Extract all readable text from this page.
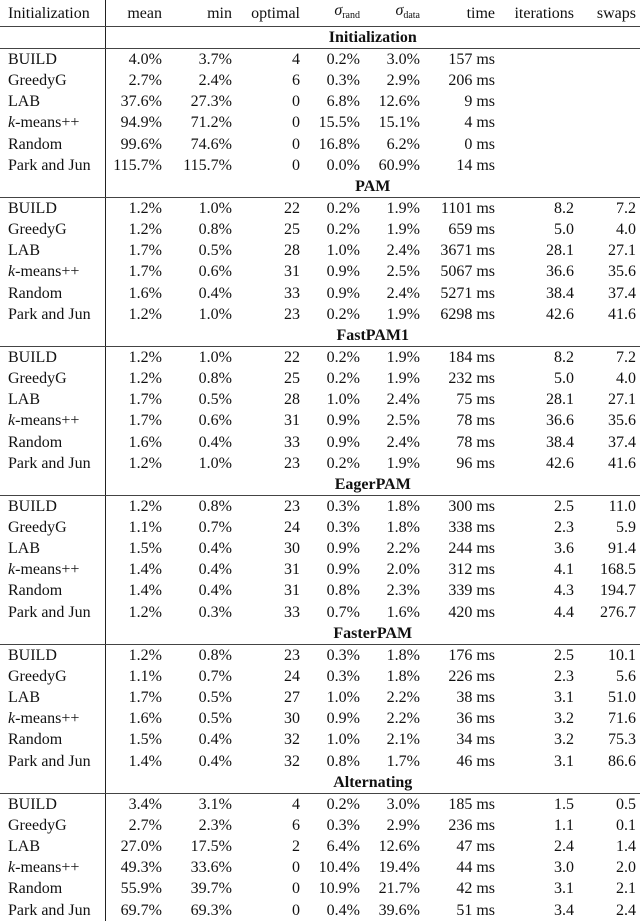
Initialization	mean	min	optimal	$\sigma_{rand}$	$\sigma_{data}$	time	iterations	swaps
	Initialization							
BUILD	4.0%	3.7%	4	0.2%	3.0%	157 ms		
GreedyG	2.7%	2.4%	6	0.3%	2.9%	206 ms		
LAB	37.6%	27.3%	0	6.8%	12.6%	9 ms		
k-means++	94.9%	71.2%	0	15.5%	15.1%	4 ms		
Random	99.6%	74.6%	0	16.8%	6.2%	0 ms		
Park and Jun	115.7%	115.7%	0	0.0%	60.9%	14 ms		
	PAM							
BUILD	1.2%	1.0%	22	0.2%	1.9%	1101 ms	8.2	7.2
GreedyG	1.2%	0.8%	25	0.2%	1.9%	659 ms	5.0	4.0
LAB	1.7%	0.5%	28	1.0%	2.4%	3671 ms	28.1	27.1
k-means++	1.7%	0.6%	31	0.9%	2.5%	5067 ms	36.6	35.6
Random	1.6%	0.4%	33	0.9%	2.4%	5271 ms	38.4	37.4
Park and Jun	1.2%	1.0%	23	0.2%	1.9%	6298 ms	42.6	41.6
	FastPAM1							
BUILD	1.2%	1.0%	22	0.2%	1.9%	184 ms	8.2	7.2
GreedyG	1.2%	0.8%	25	0.2%	1.9%	232 ms	5.0	4.0
LAB	1.7%	0.5%	28	1.0%	2.4%	75 ms	28.1	27.1
k-means++	1.7%	0.6%	31	0.9%	2.5%	78 ms	36.6	35.6
Random	1.6%	0.4%	33	0.9%	2.4%	78 ms	38.4	37.4
Park and Jun	1.2%	1.0%	23	0.2%	1.9%	96 ms	42.6	41.6
	EagerPAM							
BUILD	1.2%	0.8%	23	0.3%	1.8%	300 ms	2.5	11.0
GreedyG	1.1%	0.7%	24	0.3%	1.8%	338 ms	2.3	5.9
LAB	1.5%	0.4%	30	0.9%	2.2%	244 ms	3.6	91.4
k-means++	1.4%	0.4%	31	0.9%	2.0%	312 ms	4.1	168.5
Random	1.4%	0.4%	31	0.8%	2.3%	339 ms	4.3	194.7
Park and Jun	1.2%	0.3%	33	0.7%	1.6%	420 ms	4.4	276.7
	FasterPAM							
BUILD	1.2%	0.8%	23	0.3%	1.8%	176 ms	2.5	10.1
GreedyG	1.1%	0.7%	24	0.3%	1.8%	226 ms	2.3	5.6
LAB	1.7%	0.5%	27	1.0%	2.2%	38 ms	3.1	51.0
k-means++	1.6%	0.5%	30	0.9%	2.2%	36 ms	3.2	71.6
Random	1.5%	0.4%	32	1.0%	2.1%	34 ms	3.2	75.3
Park and Jun	1.4%	0.4%	32	0.8%	1.7%	46 ms	3.1	86.6
	Alternating							
BUILD	3.4%	3.1%	4	0.2%	3.0%	185 ms	1.5	0.5
GreedyG	2.7%	2.3%	6	0.3%	2.9%	236 ms	1.1	0.1
LAB	27.0%	17.5%	2	6.4%	12.6%	47 ms	2.4	1.4
k-means++	49.3%	33.6%	0	10.4%	19.4%	44 ms	3.0	2.0
Random	55.9%	39.7%	0	10.9%	21.7%	42 ms	3.1	2.1
Park and Jun	69.7%	69.3%	0	0.4%	39.6%	51 ms	3.4	2.4
